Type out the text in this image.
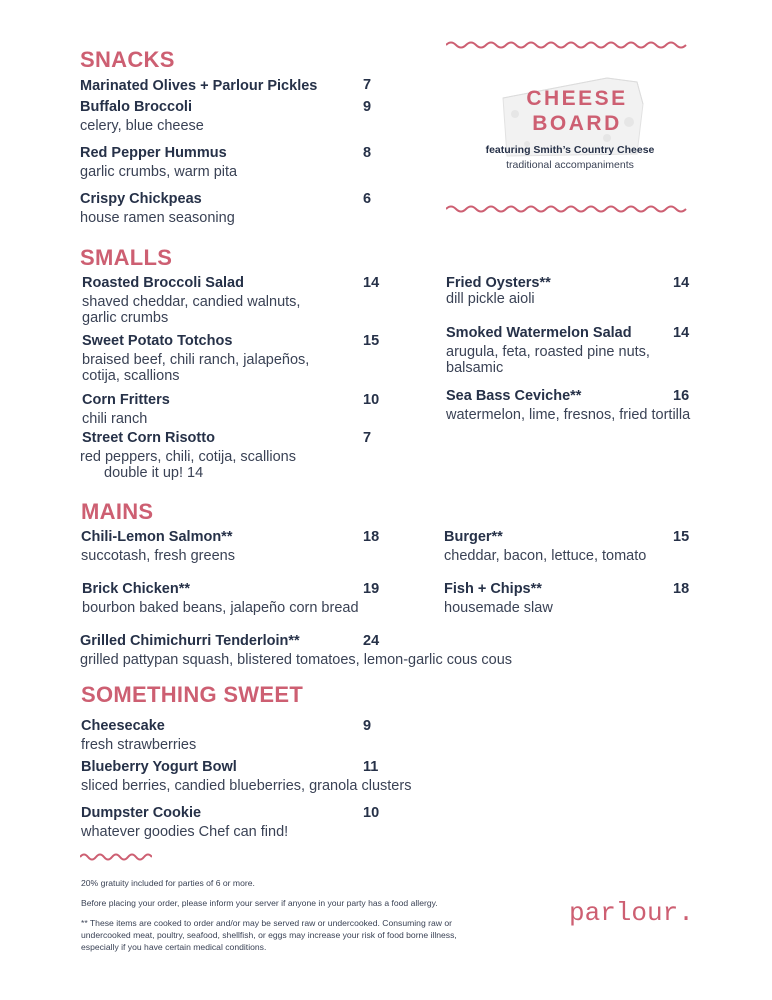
SNACKS
Marinated Olives + Parlour Pickles	7
Buffalo Broccoli
celery, blue cheese
9
Red Pepper Hummus
garlic crumbs, warm pita
8
Crispy Chickpeas
house ramen seasoning
6
CHEESE
BOARD
featuring Smith’s Country Cheese
traditional accompaniments
SMALLS
Roasted Broccoli Salad
shaved cheddar, candied walnuts,
garlic crumbs
14
Sweet Potato Totchos
braised beef, chili ranch, jalapeños,
cotija, scallions
15
Corn Fritters
chili ranch
10
Street Corn Risotto
red peppers, chili, cotija, scallions
double it up! 14
7
Fried Oysters**
dill pickle aioli
14
Smoked Watermelon Salad
arugula, feta, roasted pine nuts,
balsamic
14
Sea Bass Ceviche**
watermelon, lime, fresnos, fried tortilla
16
MAINS
Chili-Lemon Salmon**
succotash, fresh greens
18
Brick Chicken**
bourbon baked beans, jalapeño corn bread
19
Grilled Chimichurri Tenderloin**
grilled pattypan squash, blistered tomatoes, lemon-garlic cous cous
24
Burger**
cheddar, bacon, lettuce, tomato
15
Fish + Chips**
housemade slaw
18
SOMETHING SWEET
Cheesecake
fresh strawberries
9
Blueberry Yogurt Bowl
sliced berries, candied blueberries, granola clusters
11
Dumpster Cookie
whatever goodies Chef can find!
10
20% gratuity included for parties of 6 or more.
Before placing your order, please inform your server if anyone in your party has a food allergy.
** These items are cooked to order and/or may be served raw or undercooked. Consuming raw or
undercooked meat, poultry, seafood, shellfish, or eggs may increase your risk of food borne illness,
especially if you have certain medical conditions.
parlour.
